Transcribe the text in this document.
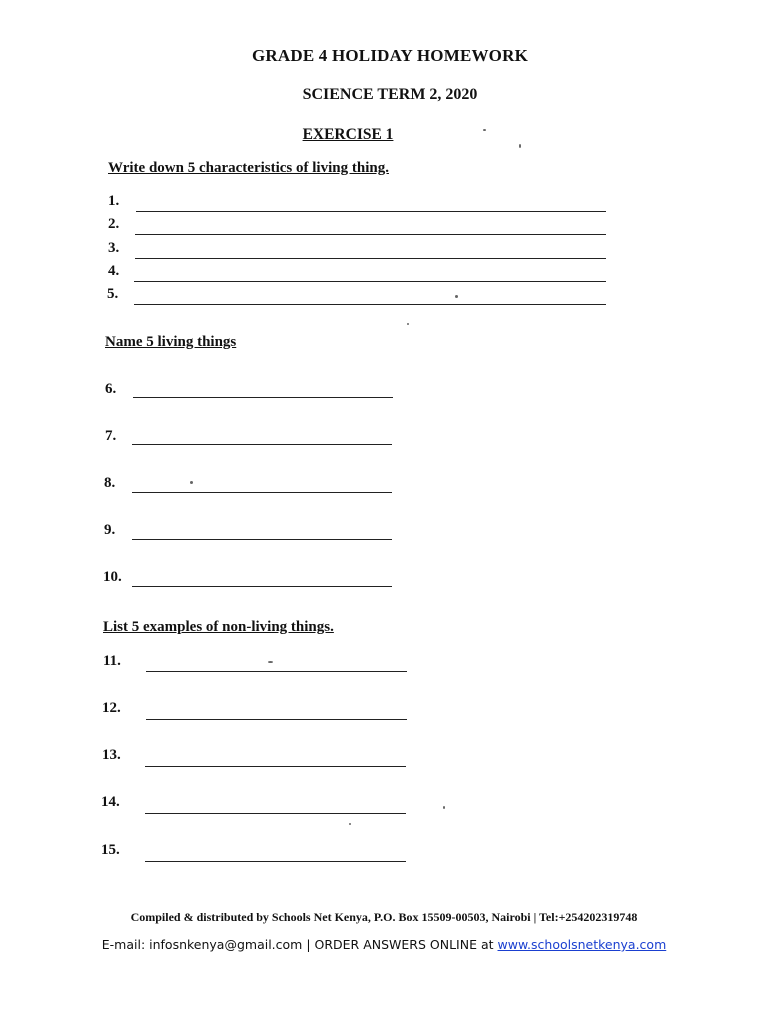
GRADE 4 HOLIDAY HOMEWORK
SCIENCE TERM 2, 2020
EXERCISE 1
Write down 5 characteristics of living thing.
1.
2.
3.
4.
5.
Name 5 living things
6.
7.
8.
9.
10.
List 5 examples of non-living things.
11.
12.
13.
14.
15.
Compiled & distributed by Schools Net Kenya, P.O. Box 15509-00503, Nairobi | Tel:+254202319748
E-mail: infosnkenya@gmail.com | ORDER ANSWERS ONLINE at www.schoolsnetkenya.com
